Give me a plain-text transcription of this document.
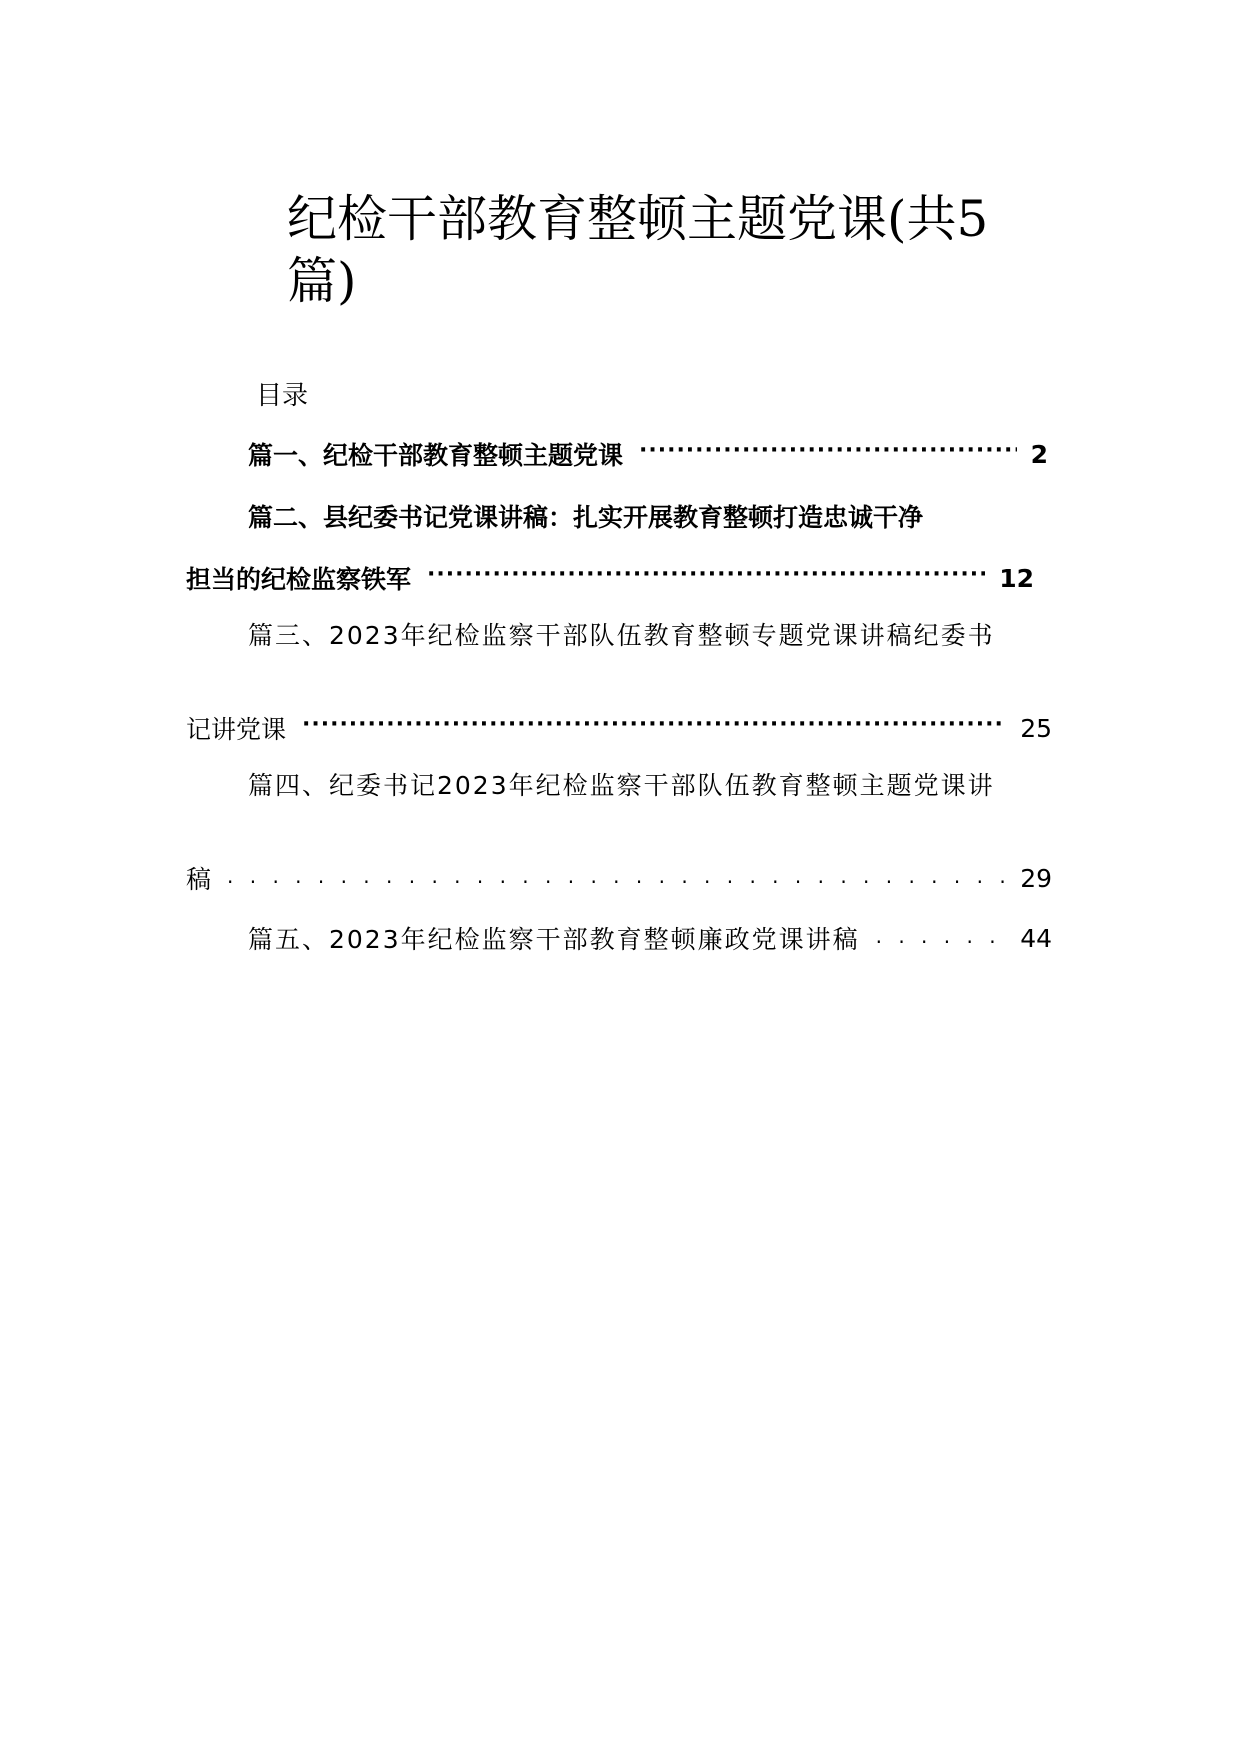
纪检干部教育整顿主题党课(共5篇)
目录
篇一、纪检干部教育整顿主题党课 ·····	2
篇二、县纪委书记党课讲稿：扎实开展教育整顿打造忠诚干净
担当的纪检监察铁军 ·····	12
篇三、2023年纪检监察干部队伍教育整顿专题党课讲稿纪委书
记讲党课 ·····	25
篇四、纪委书记2023年纪检监察干部队伍教育整顿主题党课讲
稿 . . .	29
篇五、2023年纪检监察干部教育整顿廉政党课讲稿 . . .	44
